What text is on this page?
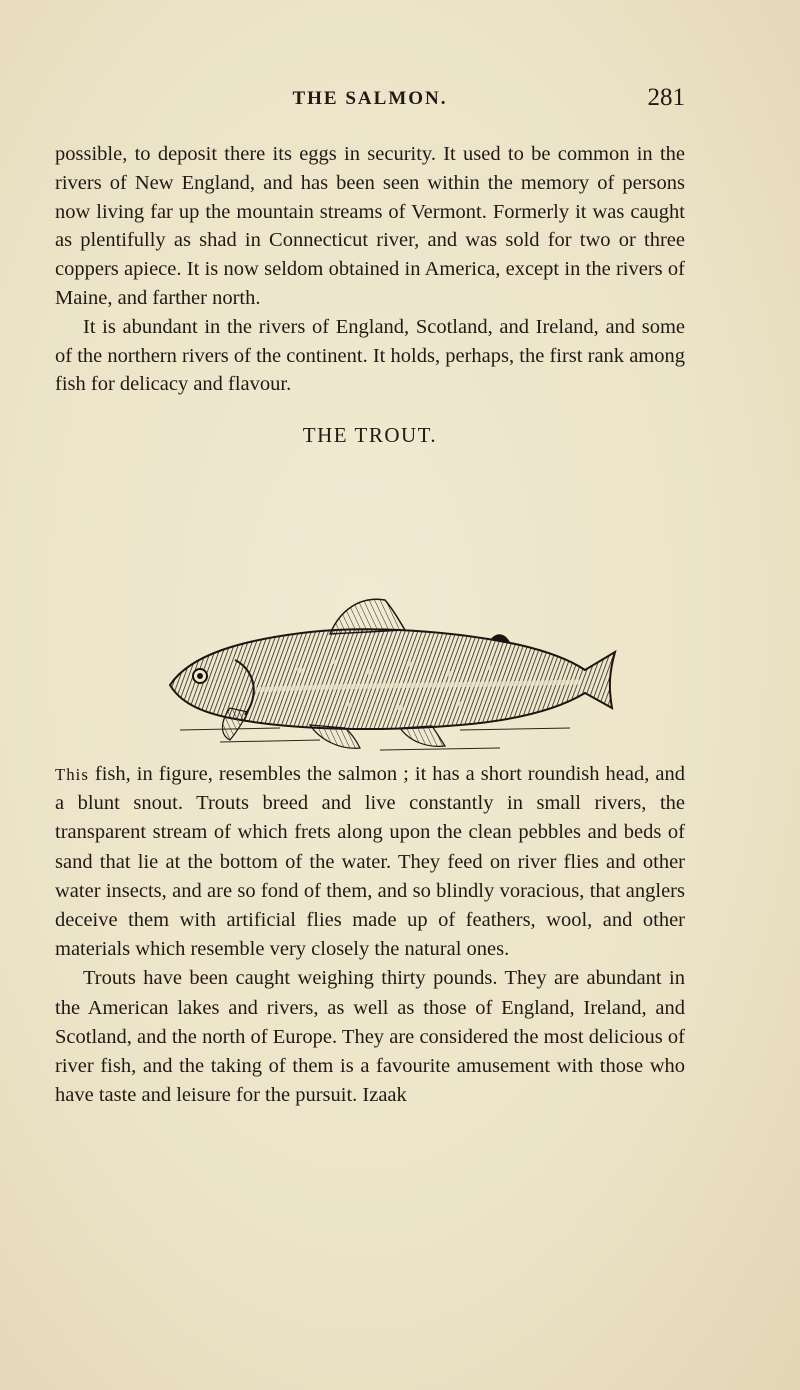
THE SALMON.	281

possible, to deposit there its eggs in security. It used to be common in the rivers of New England, and has been seen within the memory of persons now living far up the mountain streams of Vermont. Formerly it was caught as plentifully as shad in Connecticut river, and was sold for two or three coppers apiece. It is now seldom obtained in America, except in the rivers of Maine, and farther north.

It is abundant in the rivers of England, Scotland, and Ireland, and some of the northern rivers of the continent. It holds, perhaps, the first rank among fish for delicacy and flavour.

THE TROUT.

This fish, in figure, resembles the salmon ; it has a short roundish head, and a blunt snout. Trouts breed and live constantly in small rivers, the transparent stream of which frets along upon the clean pebbles and beds of sand that lie at the bottom of the water. They feed on river flies and other water insects, and are so fond of them, and so blindly voracious, that anglers deceive them with artificial flies made up of feathers, wool, and other materials which resemble very closely the natural ones.

Trouts have been caught weighing thirty pounds. They are abundant in the American lakes and rivers, as well as those of England, Ireland, and Scotland, and the north of Europe. They are considered the most delicious of river fish, and the taking of them is a favourite amusement with those who have taste and leisure for the pursuit. Izaak
